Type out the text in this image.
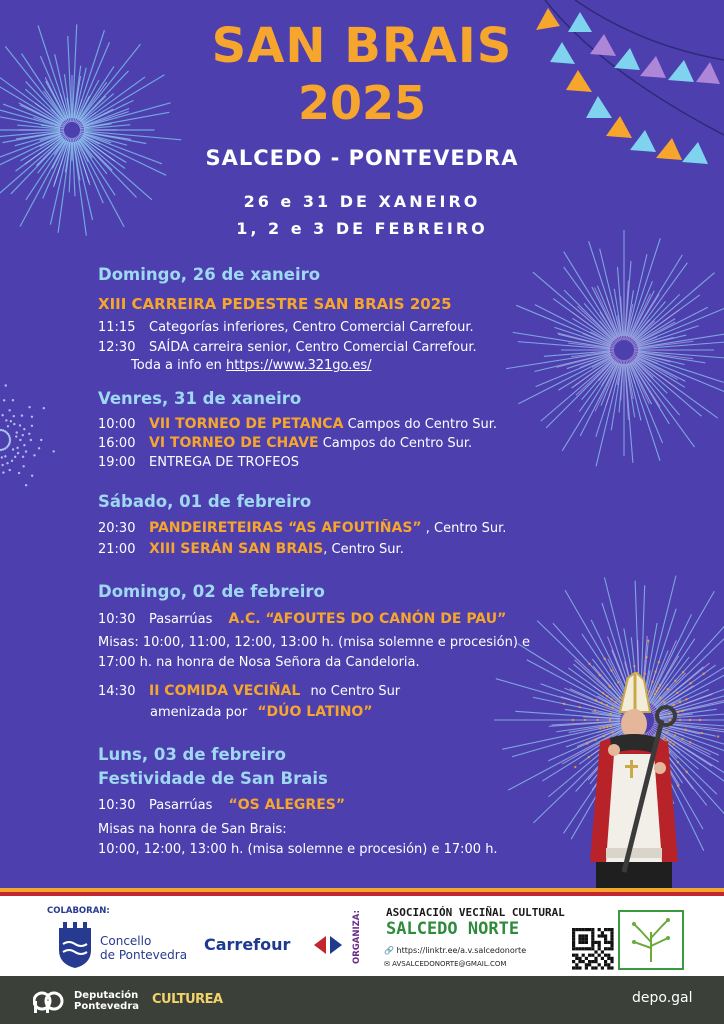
SAN BRAIS
2025
SALCEDO - PONTEVEDRA
26 e 31 DE XANEIRO
1, 2 e 3 DE FEBREIRO
Domingo, 26 de xaneiro
XIII CARREIRA PEDESTRE SAN BRAIS 2025
11:15 Categorías inferiores, Centro Comercial Carrefour.
12:30 SAÍDA carreira senior, Centro Comercial Carrefour.
Toda a info en https://www.321go.es/
Venres, 31 de xaneiro
10:00 VII TORNEO DE PETANCA Campos do Centro Sur.
16:00 VI TORNEO DE CHAVE Campos do Centro Sur.
19:00 ENTREGA DE TROFEOS
Sábado, 01 de febreiro
20:30 PANDEIRETEIRAS “AS AFOUTIÑAS” , Centro Sur.
21:00 XIII SERÁN SAN BRAIS, Centro Sur.
Domingo, 02 de febreiro
10:30 Pasarrúas A.C. “AFOUTES DO CANÓN DE PAU”
Misas: 10:00, 11:00, 12:00, 13:00 h. (misa solemne e procesión) e
17:00 h. na honra de Nosa Señora da Candeloria.
14:30 II COMIDA VECIÑAL no Centro Sur
amenizada por “DÚO LATINO”
Luns, 03 de febreiro
Festividade de San Brais
10:30 Pasarrúas “OS ALEGRES”
Misas na honra de San Brais:
10:00, 12:00, 13:00 h. (misa solemne e procesión) e 17:00 h.
COLABORAN:
Concello
de Pontevedra
Carrefour	ORGANIZA: ASOCIACIÓN VECIÑAL CULTURAL
SALCEDO NORTE
🔗 https://linktr.ee/a.v.salcedonorte
✉ AVSALCEDONORTE@GMAIL.COM
Deputación
Pontevedra CULTUREA	depo.gal
